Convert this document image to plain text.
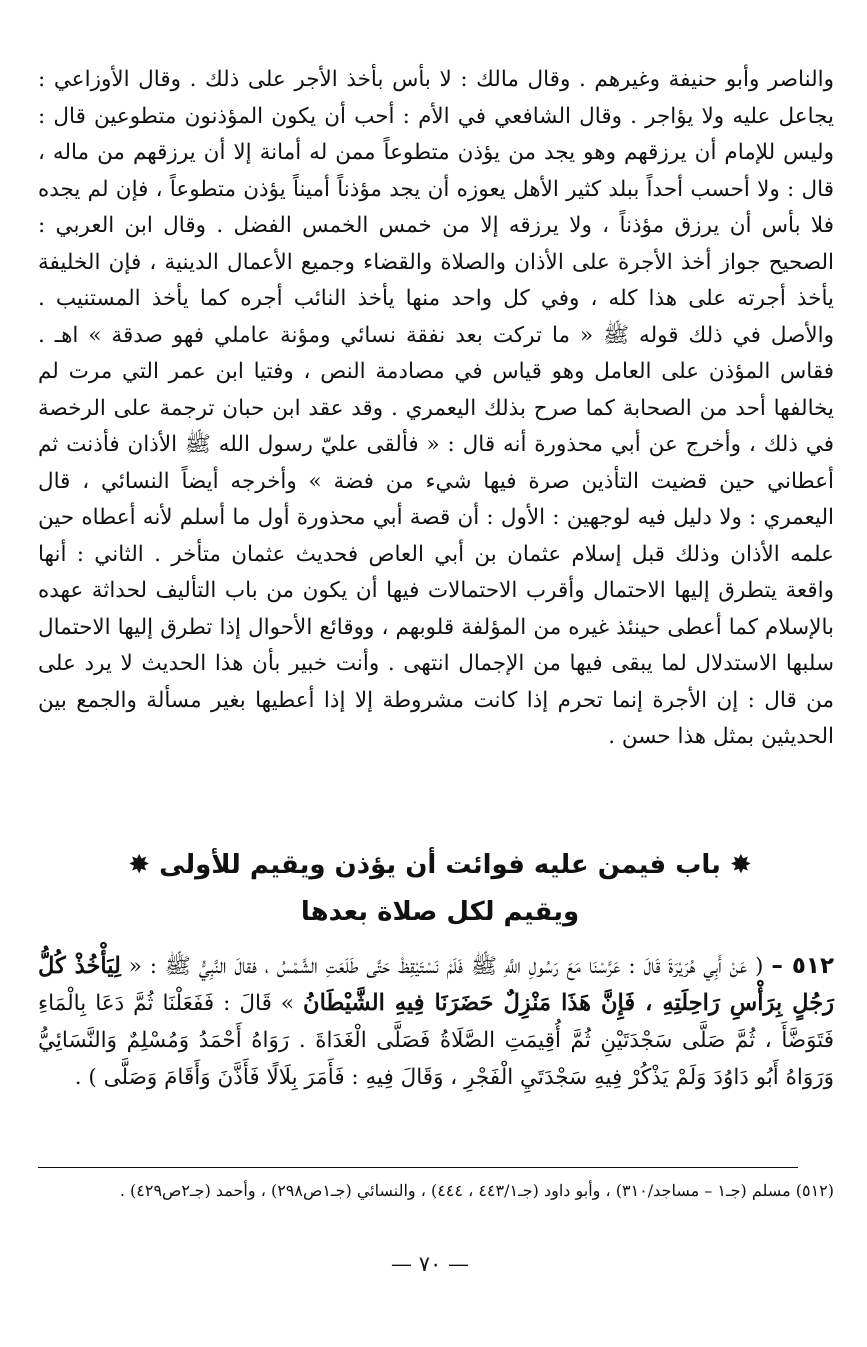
والناصر وأبو حنيفة وغيرهم . وقال مالك : لا بأس بأخذ الأجر على ذلك . وقال الأوزاعي : يجاعل عليه ولا يؤاجر . وقال الشافعي في الأم : أحب أن يكون المؤذنون متطوعين قال : وليس للإمام أن يرزقهم وهو يجد من يؤذن متطوعاً ممن له أمانة إلا أن يرزقهم من ماله ، قال : ولا أحسب أحداً ببلد كثير الأهل يعوزه أن يجد مؤذناً أميناً يؤذن متطوعاً ، فإن لم يجده فلا بأس أن يرزق مؤذناً ، ولا يرزقه إلا من خمس الخمس الفضل . وقال ابن العربي : الصحيح جواز أخذ الأجرة على الأذان والصلاة والقضاء وجميع الأعمال الدينية ، فإن الخليفة يأخذ أجرته على هذا كله ، وفي كل واحد منها يأخذ النائب أجره كما يأخذ المستنيب . والأصل في ذلك قوله ﷺ « ما تركت بعد نفقة نسائي ومؤنة عاملي فهو صدقة » اهـ . فقاس المؤذن على العامل وهو قياس في مصادمة النص ، وفتيا ابن عمر التي مرت لم يخالفها أحد من الصحابة كما صرح بذلك اليعمري . وقد عقد ابن حبان ترجمة على الرخصة في ذلك ، وأخرج عن أبي محذورة أنه قال : « فألقى عليّ رسول الله ﷺ الأذان فأذنت ثم أعطاني حين قضيت التأذين صرة فيها شيء من فضة » وأخرجه أيضاً النسائي ، قال اليعمري : ولا دليل فيه لوجهين : الأول : أن قصة أبي محذورة أول ما أسلم لأنه أعطاه حين علمه الأذان وذلك قبل إسلام عثمان بن أبي العاص فحديث عثمان متأخر . الثاني : أنها واقعة يتطرق إليها الاحتمال وأقرب الاحتمالات فيها أن يكون من باب التأليف لحداثة عهده بالإسلام كما أعطى حينئذ غيره من المؤلفة قلوبهم ، ووقائع الأحوال إذا تطرق إليها الاحتمال سلبها الاستدلال لما يبقى فيها من الإجمال انتهى . وأنت خبير بأن هذا الحديث لا يرد على من قال : إن الأجرة إنما تحرم إذا كانت مشروطة إلا إذا أعطيها بغير مسألة والجمع بين الحديثين بمثل هذا حسن .

✸ باب فيمن عليه فوائت أن يؤذن ويقيم للأولى ✸
ويقيم لكل صلاة بعدها

٥١٢ – ( عَنْ أَبِي هُرَيْرَةَ قَالَ : عَرَّسْنَا مَعَ رَسُولِ اللَّهِ ﷺ فَلَمْ نَسْتَيْقِظْ حَتَّى طَلَعَتِ الشَّمْسُ ، فقالَ النَّبِيُّ ﷺ : « لِيَأْخُذْ كُلُّ رَجُلٍ بِرَأْسِ رَاحِلَتِهِ ، فَإِنَّ هَذَا مَنْزِلٌ حَضَرَنَا فِيهِ الشَّيْطَانُ » قَالَ : فَفَعَلْنَا ثُمَّ دَعَا بِالْمَاءِ فَتَوَضَّأَ ، ثُمَّ صَلَّى سَجْدَتَيْنِ ثُمَّ أُقِيمَتِ الصَّلَاةُ فَصَلَّى الْغَدَاةَ . رَوَاهُ أَحْمَدُ وَمُسْلِمٌ وَالنَّسَائِيُّ وَرَوَاهُ أَبُو دَاوُدَ وَلَمْ يَذْكُرْ فِيهِ سَجْدَتَيِ الْفَجْرِ ، وَقَالَ فِيهِ : فَأَمَرَ بِلَالًا فَأَذَّنَ وَأَقَامَ وَصَلَّى ) .

(٥١٢) مسلم (جـ١ – مساجد/٣١٠) ، وأبو داود (جـ٤٤٣/١ ، ٤٤٤) ، والنسائي (جـ١ص٢٩٨) ، وأحمد (جـ٢ص٤٢٩) .

— ٧٠ —
